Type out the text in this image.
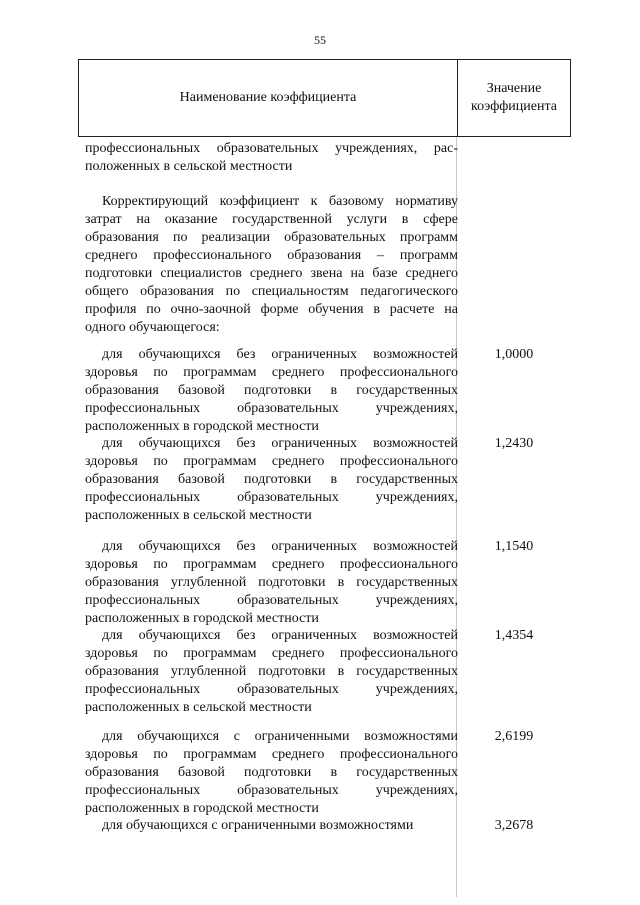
55
Наименование коэффициента
Значение
коэффициента
профессиональных образовательных учреждениях, рас- положенных в сельской местности
Корректирующий коэффициент к базовому нормативу затрат на оказание государственной услуги в сфере образования по реализации образовательных программ среднего профессионального образования – программ подготовки специалистов среднего звена на базе среднего общего образования по специальностям педагогического профиля по очно-заочной форме обучения в расчете на одного обучающегося:
для обучающихся без ограниченных возможностей здоровья по программам среднего профессионального образования базовой подготовки в государственных профессиональных образовательных учреждениях, расположенных в городской местности
1,0000
для обучающихся без ограниченных возможностей здоровья по программам среднего профессионального образования базовой подготовки в государственных профессиональных образовательных учреждениях, расположенных в сельской местности
1,2430
для обучающихся без ограниченных возможностей здоровья по программам среднего профессионального образования углубленной подготовки в государственных профессиональных образовательных учреждениях, расположенных в городской местности
1,1540
для обучающихся без ограниченных возможностей здоровья по программам среднего профессионального образования углубленной подготовки в государственных профессиональных образовательных учреждениях, расположенных в сельской местности
1,4354
для обучающихся с ограниченными возможностями здоровья по программам среднего профессионального образования базовой подготовки в государственных профессиональных образовательных учреждениях, расположенных в городской местности
2,6199
для обучающихся с ограниченными возможностями	3,2678
